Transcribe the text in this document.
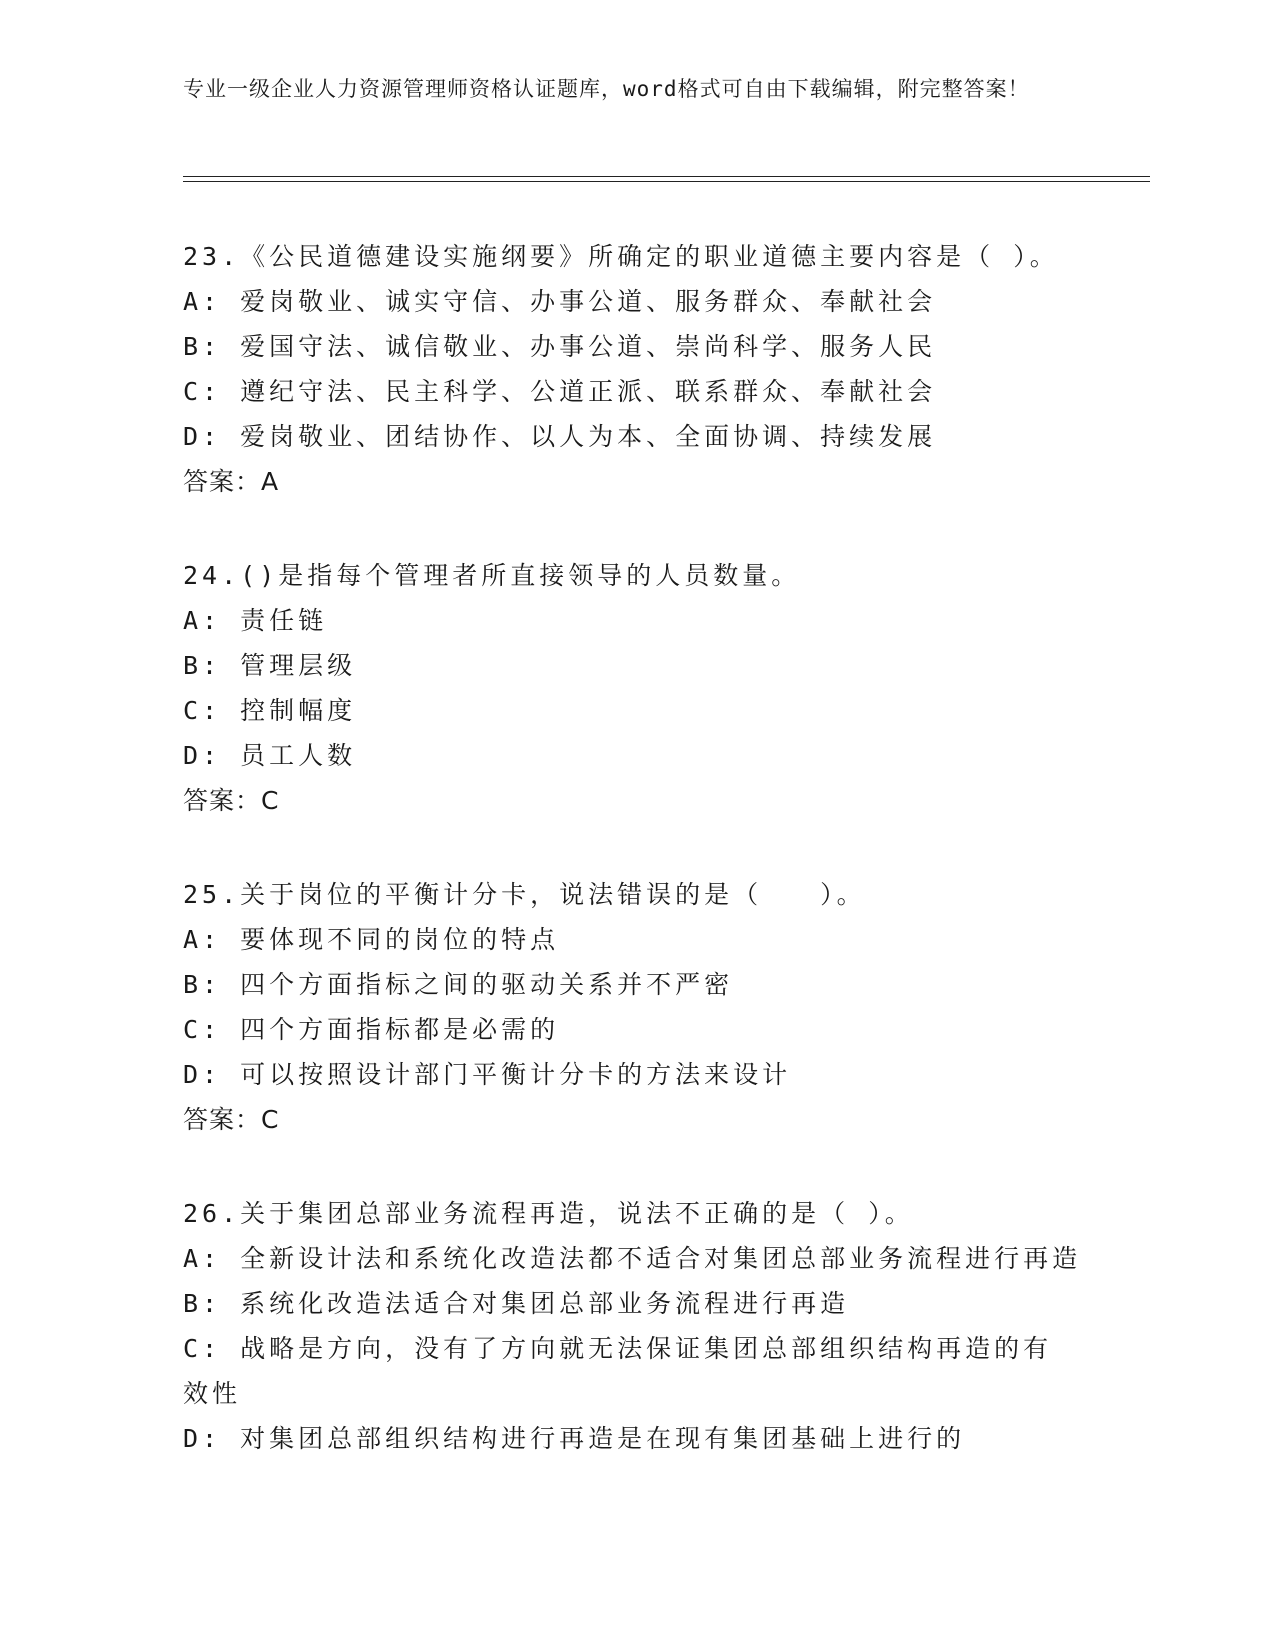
专业一级企业人力资源管理师资格认证题库，word格式可自由下载编辑，附完整答案！
23.《公民道德建设实施纲要》所确定的职业道德主要内容是（ ）。
A: 爱岗敬业、诚实守信、办事公道、服务群众、奉献社会
B: 爱国守法、诚信敬业、办事公道、崇尚科学、服务人民
C: 遵纪守法、民主科学、公道正派、联系群众、奉献社会
D: 爱岗敬业、团结协作、以人为本、全面协调、持续发展
答案：A
24.()是指每个管理者所直接领导的人员数量。
A: 责任链
B: 管理层级
C: 控制幅度
D: 员工人数
答案：C
25.关于岗位的平衡计分卡，说法错误的是（　　）。
A: 要体现不同的岗位的特点
B: 四个方面指标之间的驱动关系并不严密
C: 四个方面指标都是必需的
D: 可以按照设计部门平衡计分卡的方法来设计
答案：C
26.关于集团总部业务流程再造，说法不正确的是（ ）。
A: 全新设计法和系统化改造法都不适合对集团总部业务流程进行再造
B: 系统化改造法适合对集团总部业务流程进行再造
C: 战略是方向，没有了方向就无法保证集团总部组织结构再造的有效性
D: 对集团总部组织结构进行再造是在现有集团基础上进行的
